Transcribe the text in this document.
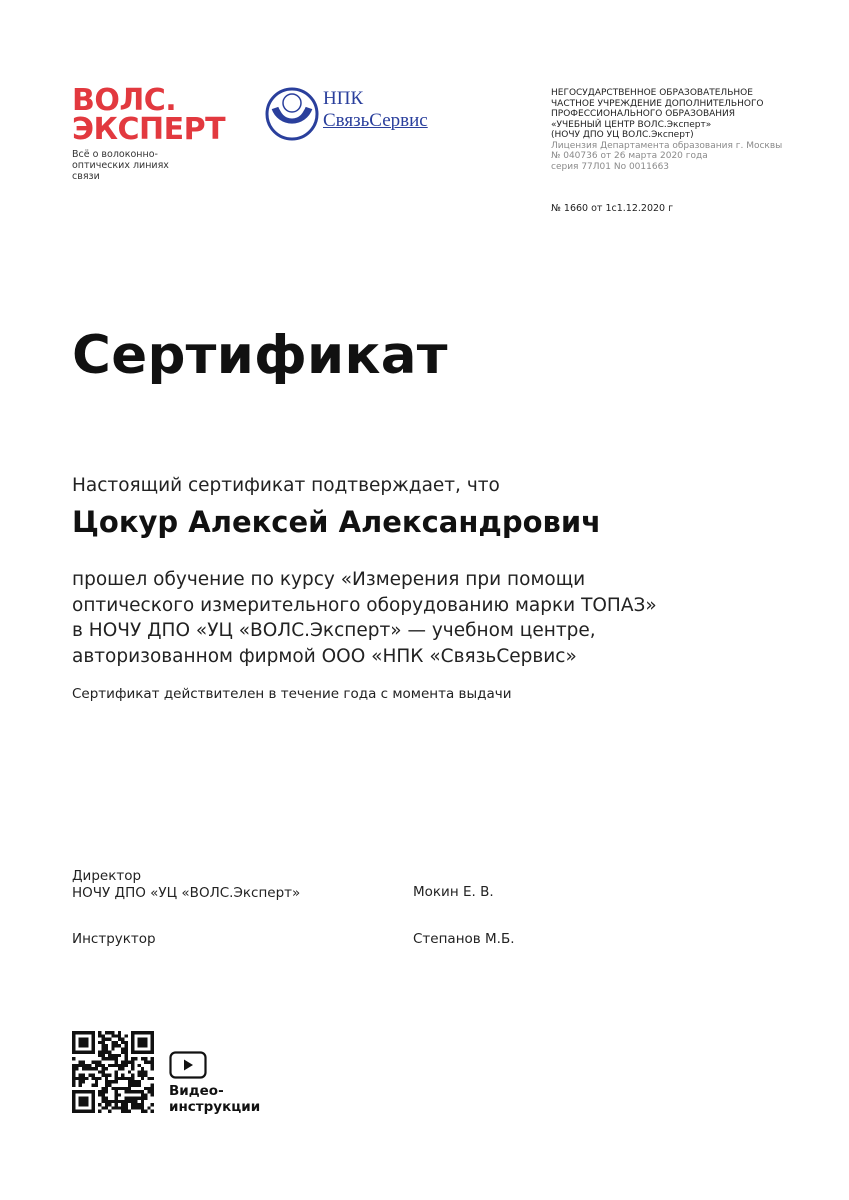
ВОЛС.
ЭКСПЕРТ
Всё о волоконно-оптических линиях связи
НПК
СвязьСервис
НЕГОСУДАРСТВЕННОЕ ОБРАЗОВАТЕЛЬНОЕ
ЧАСТНОЕ УЧРЕЖДЕНИЕ ДОПОЛНИТЕЛЬНОГО
ПРОФЕССИОНАЛЬНОГО ОБРАЗОВАНИЯ
«УЧЕБНЫЙ ЦЕНТР ВОЛС.Эксперт»
(НОЧУ ДПО УЦ ВОЛС.Эксперт)
Лицензия Департамента образования г. Москвы
№ 040736 от 26 марта 2020 года
серия 77Л01 No 0011663
№ 1660 от 1с1.12.2020 г
Сертификат
Настоящий сертификат подтверждает, что
Цокур Алексей Александрович
прошел обучение по курсу «Измерения при помощи
оптического измерительного оборудованию марки ТОПАЗ»
в НОЧУ ДПО «УЦ «ВОЛС.Эксперт» — учебном центре,
авторизованном фирмой ООО «НПК «СвязьСервис»
Сертификат действителен в течение года с момента выдачи
Директор
НОЧУ ДПО «УЦ «ВОЛС.Эксперт»	Мокин Е. В.
Инструктор	Степанов М.Б.
Видео-
инструкции
